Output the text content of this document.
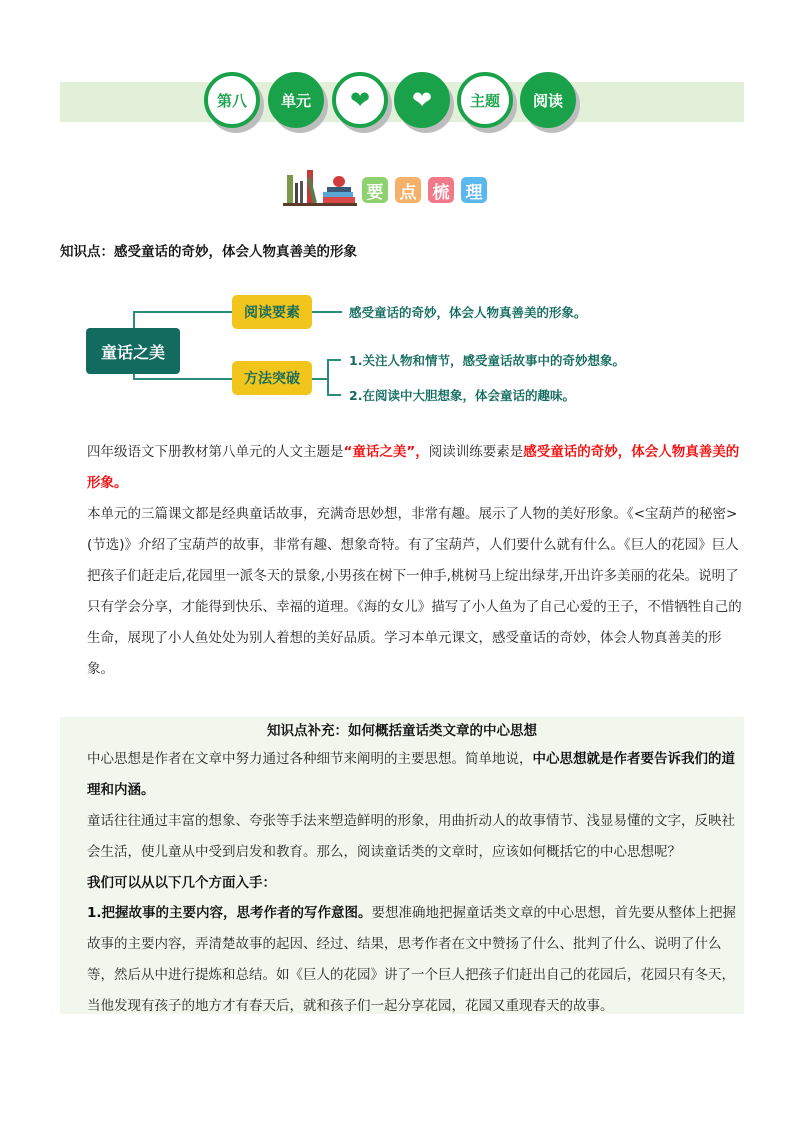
第八 单元 ❤ ❤	主题 阅读
要 点 梳 理
知识点：感受童话的奇妙，体会人物真善美的形象
童话之美
阅读要素
方法突破
感受童话的奇妙，体会人物真善美的形象。
1.关注人物和情节，感受童话故事中的奇妙想象。
2.在阅读中大胆想象，体会童话的趣味。
四年级语文下册教材第八单元的人文主题是“童话之美”，阅读训练要素是感受童话的奇妙，体会人物真善美的形象。
本单元的三篇课文都是经典童话故事，充满奇思妙想，非常有趣。展示了人物的美好形象。《<宝葫芦的秘密>(节选)》介绍了宝葫芦的故事，非常有趣、想象奇特。有了宝葫芦，人们要什么就有什么。《巨人的花园》巨人把孩子们赶走后,花园里一派冬天的景象,小男孩在树下一伸手,桃树马上绽出绿芽,开出许多美丽的花朵。说明了只有学会分享，才能得到快乐、幸福的道理。《海的女儿》描写了小人鱼为了自己心爱的王子，不惜牺牲自己的生命，展现了小人鱼处处为别人着想的美好品质。学习本单元课文，感受童话的奇妙，体会人物真善美的形象。
知识点补充：如何概括童话类文章的中心思想
中心思想是作者在文章中努力通过各种细节来阐明的主要思想。简单地说，中心思想就是作者要告诉我们的道理和内涵。
童话往往通过丰富的想象、夸张等手法来塑造鲜明的形象，用曲折动人的故事情节、浅显易懂的文字，反映社会生活，使儿童从中受到启发和教育。那么，阅读童话类的文章时，应该如何概括它的中心思想呢？
我们可以从以下几个方面入手：
1.把握故事的主要内容，思考作者的写作意图。要想准确地把握童话类文章的中心思想，首先要从整体上把握故事的主要内容，弄清楚故事的起因、经过、结果，思考作者在文中赞扬了什么、批判了什么、说明了什么等，然后从中进行提炼和总结。如《巨人的花园》讲了一个巨人把孩子们赶出自己的花园后，花园只有冬天，当他发现有孩子的地方才有春天后，就和孩子们一起分享花园，花园又重现春天的故事。
